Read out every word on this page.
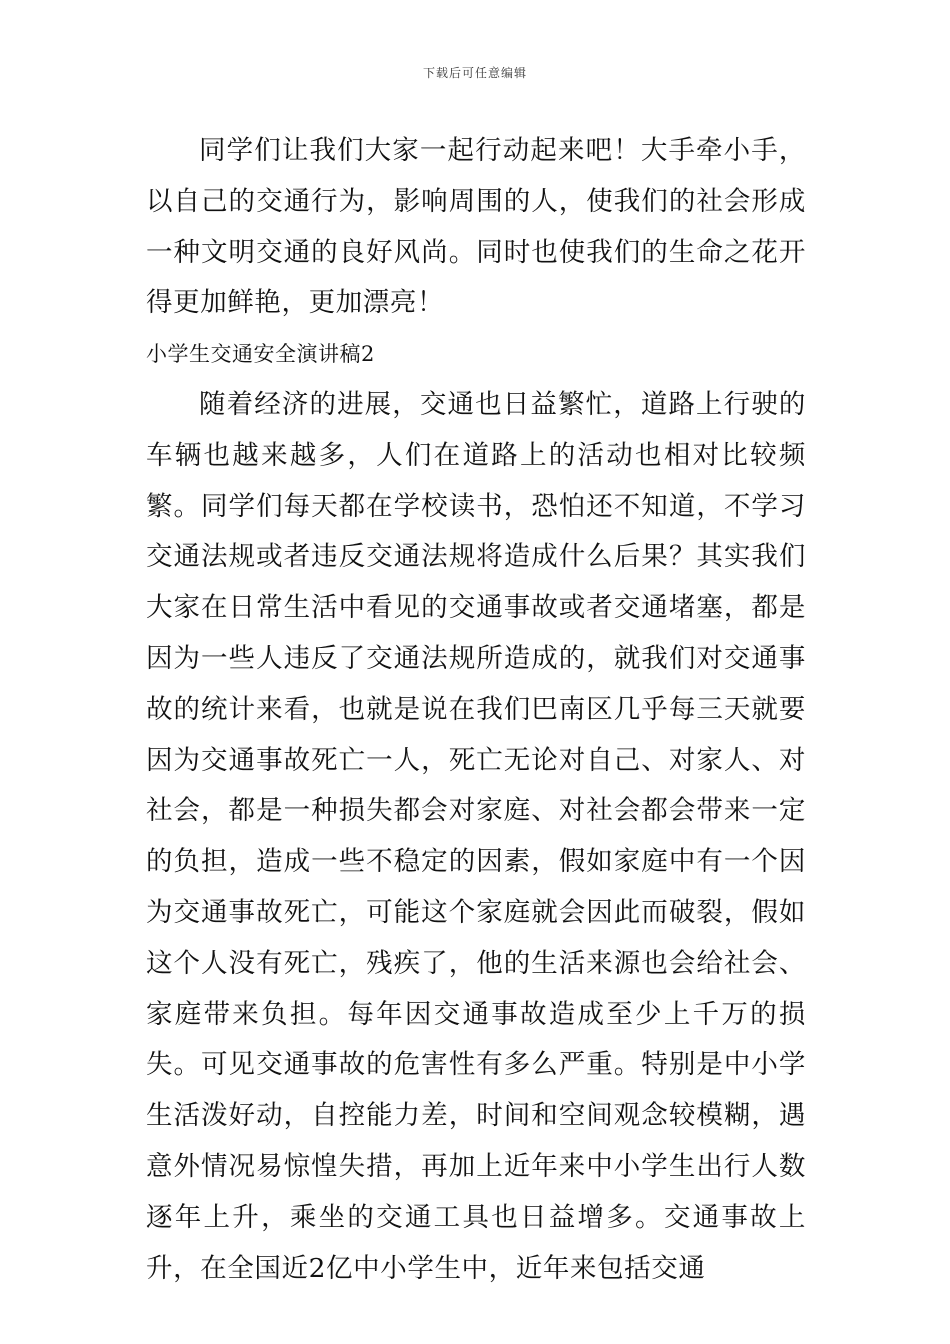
下载后可任意编辑

同学们让我们大家一起行动起来吧！大手牵小手，以自己的交通行为，影响周围的人，使我们的社会形成一种文明交通的良好风尚。同时也使我们的生命之花开得更加鲜艳，更加漂亮！

小学生交通安全演讲稿2

随着经济的进展，交通也日益繁忙，道路上行驶的车辆也越来越多，人们在道路上的活动也相对比较频繁。同学们每天都在学校读书，恐怕还不知道，不学习交通法规或者违反交通法规将造成什么后果？其实我们大家在日常生活中看见的交通事故或者交通堵塞，都是因为一些人违反了交通法规所造成的，就我们对交通事故的统计来看，也就是说在我们巴南区几乎每三天就要因为交通事故死亡一人，死亡无论对自己、对家人、对社会，都是一种损失都会对家庭、对社会都会带来一定的负担，造成一些不稳定的因素，假如家庭中有一个因为交通事故死亡，可能这个家庭就会因此而破裂，假如这个人没有死亡，残疾了，他的生活来源也会给社会、家庭带来负担。每年因交通事故造成至少上千万的损失。可见交通事故的危害性有多么严重。特别是中小学生活泼好动，自控能力差，时间和空间观念较模糊，遇意外情况易惊惶失措，再加上近年来中小学生出行人数逐年上升，乘坐的交通工具也日益增多。交通事故上升，在全国近2亿中小学生中，近年来包括交通
